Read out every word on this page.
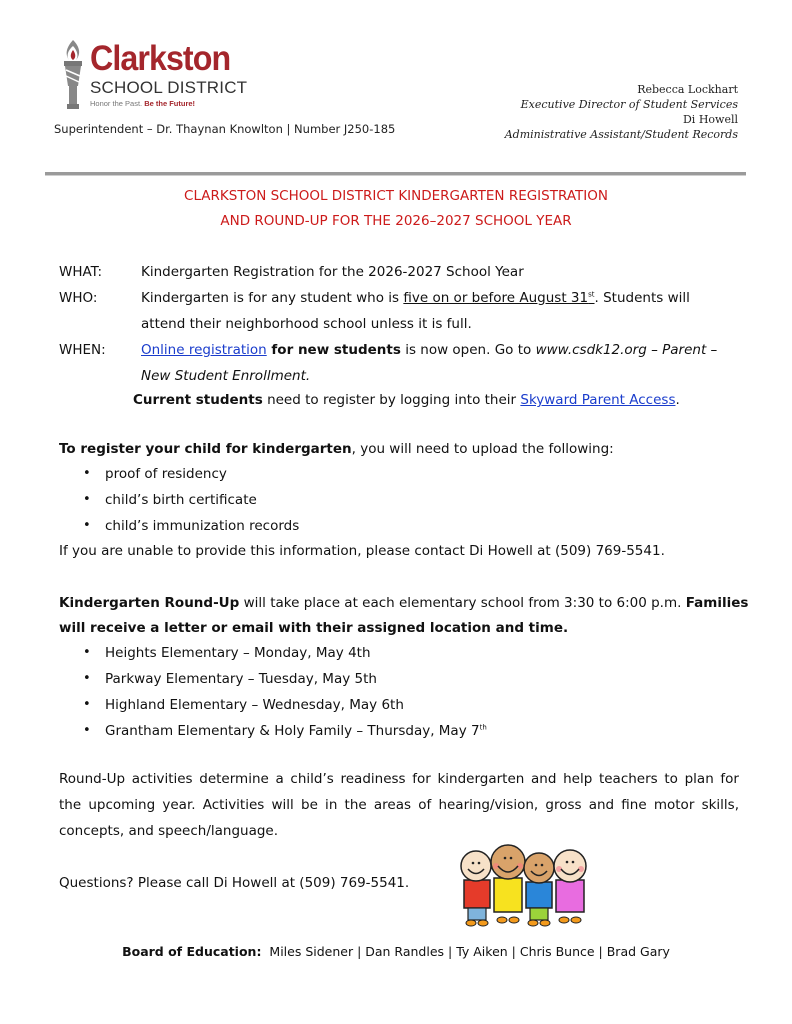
Clarkston
SCHOOL DISTRICT
Honor the Past. Be the Future!
Superintendent – Dr. Thaynan Knowlton | Number J250-185
Rebecca Lockhart
Executive Director of Student Services
Di Howell
Administrative Assistant/Student Records
CLARKSTON SCHOOL DISTRICT KINDERGARTEN REGISTRATION
AND ROUND-UP FOR THE 2026–2027 SCHOOL YEAR
WHAT:	Kindergarten Registration for the 2026-2027 School Year
WHO:	Kindergarten is for any student who is five on or before August 31st. Students will
attend their neighborhood school unless it is full.
WHEN:	Online registration for new students is now open. Go to www.csdk12.org – Parent –
New Student Enrollment.
Current students need to register by logging into their Skyward Parent Access.
To register your child for kindergarten, you will need to upload the following:
• proof of residency
• child’s birth certificate
• child’s immunization records
If you are unable to provide this information, please contact Di Howell at (509) 769-5541.
Kindergarten Round-Up will take place at each elementary school from 3:30 to 6:00 p.m. Families
will receive a letter or email with their assigned location and time.
• Heights Elementary – Monday, May 4th
• Parkway Elementary – Tuesday, May 5th
• Highland Elementary – Wednesday, May 6th
• Grantham Elementary & Holy Family – Thursday, May 7th
Round-Up activities determine a child’s readiness for kindergarten and help teachers to plan for
the upcoming year. Activities will be in the areas of hearing/vision, gross and fine motor skills,
concepts, and speech/language.
Questions? Please call Di Howell at (509) 769-5541.
Board of Education: Miles Sidener | Dan Randles | Ty Aiken | Chris Bunce | Brad Gary
